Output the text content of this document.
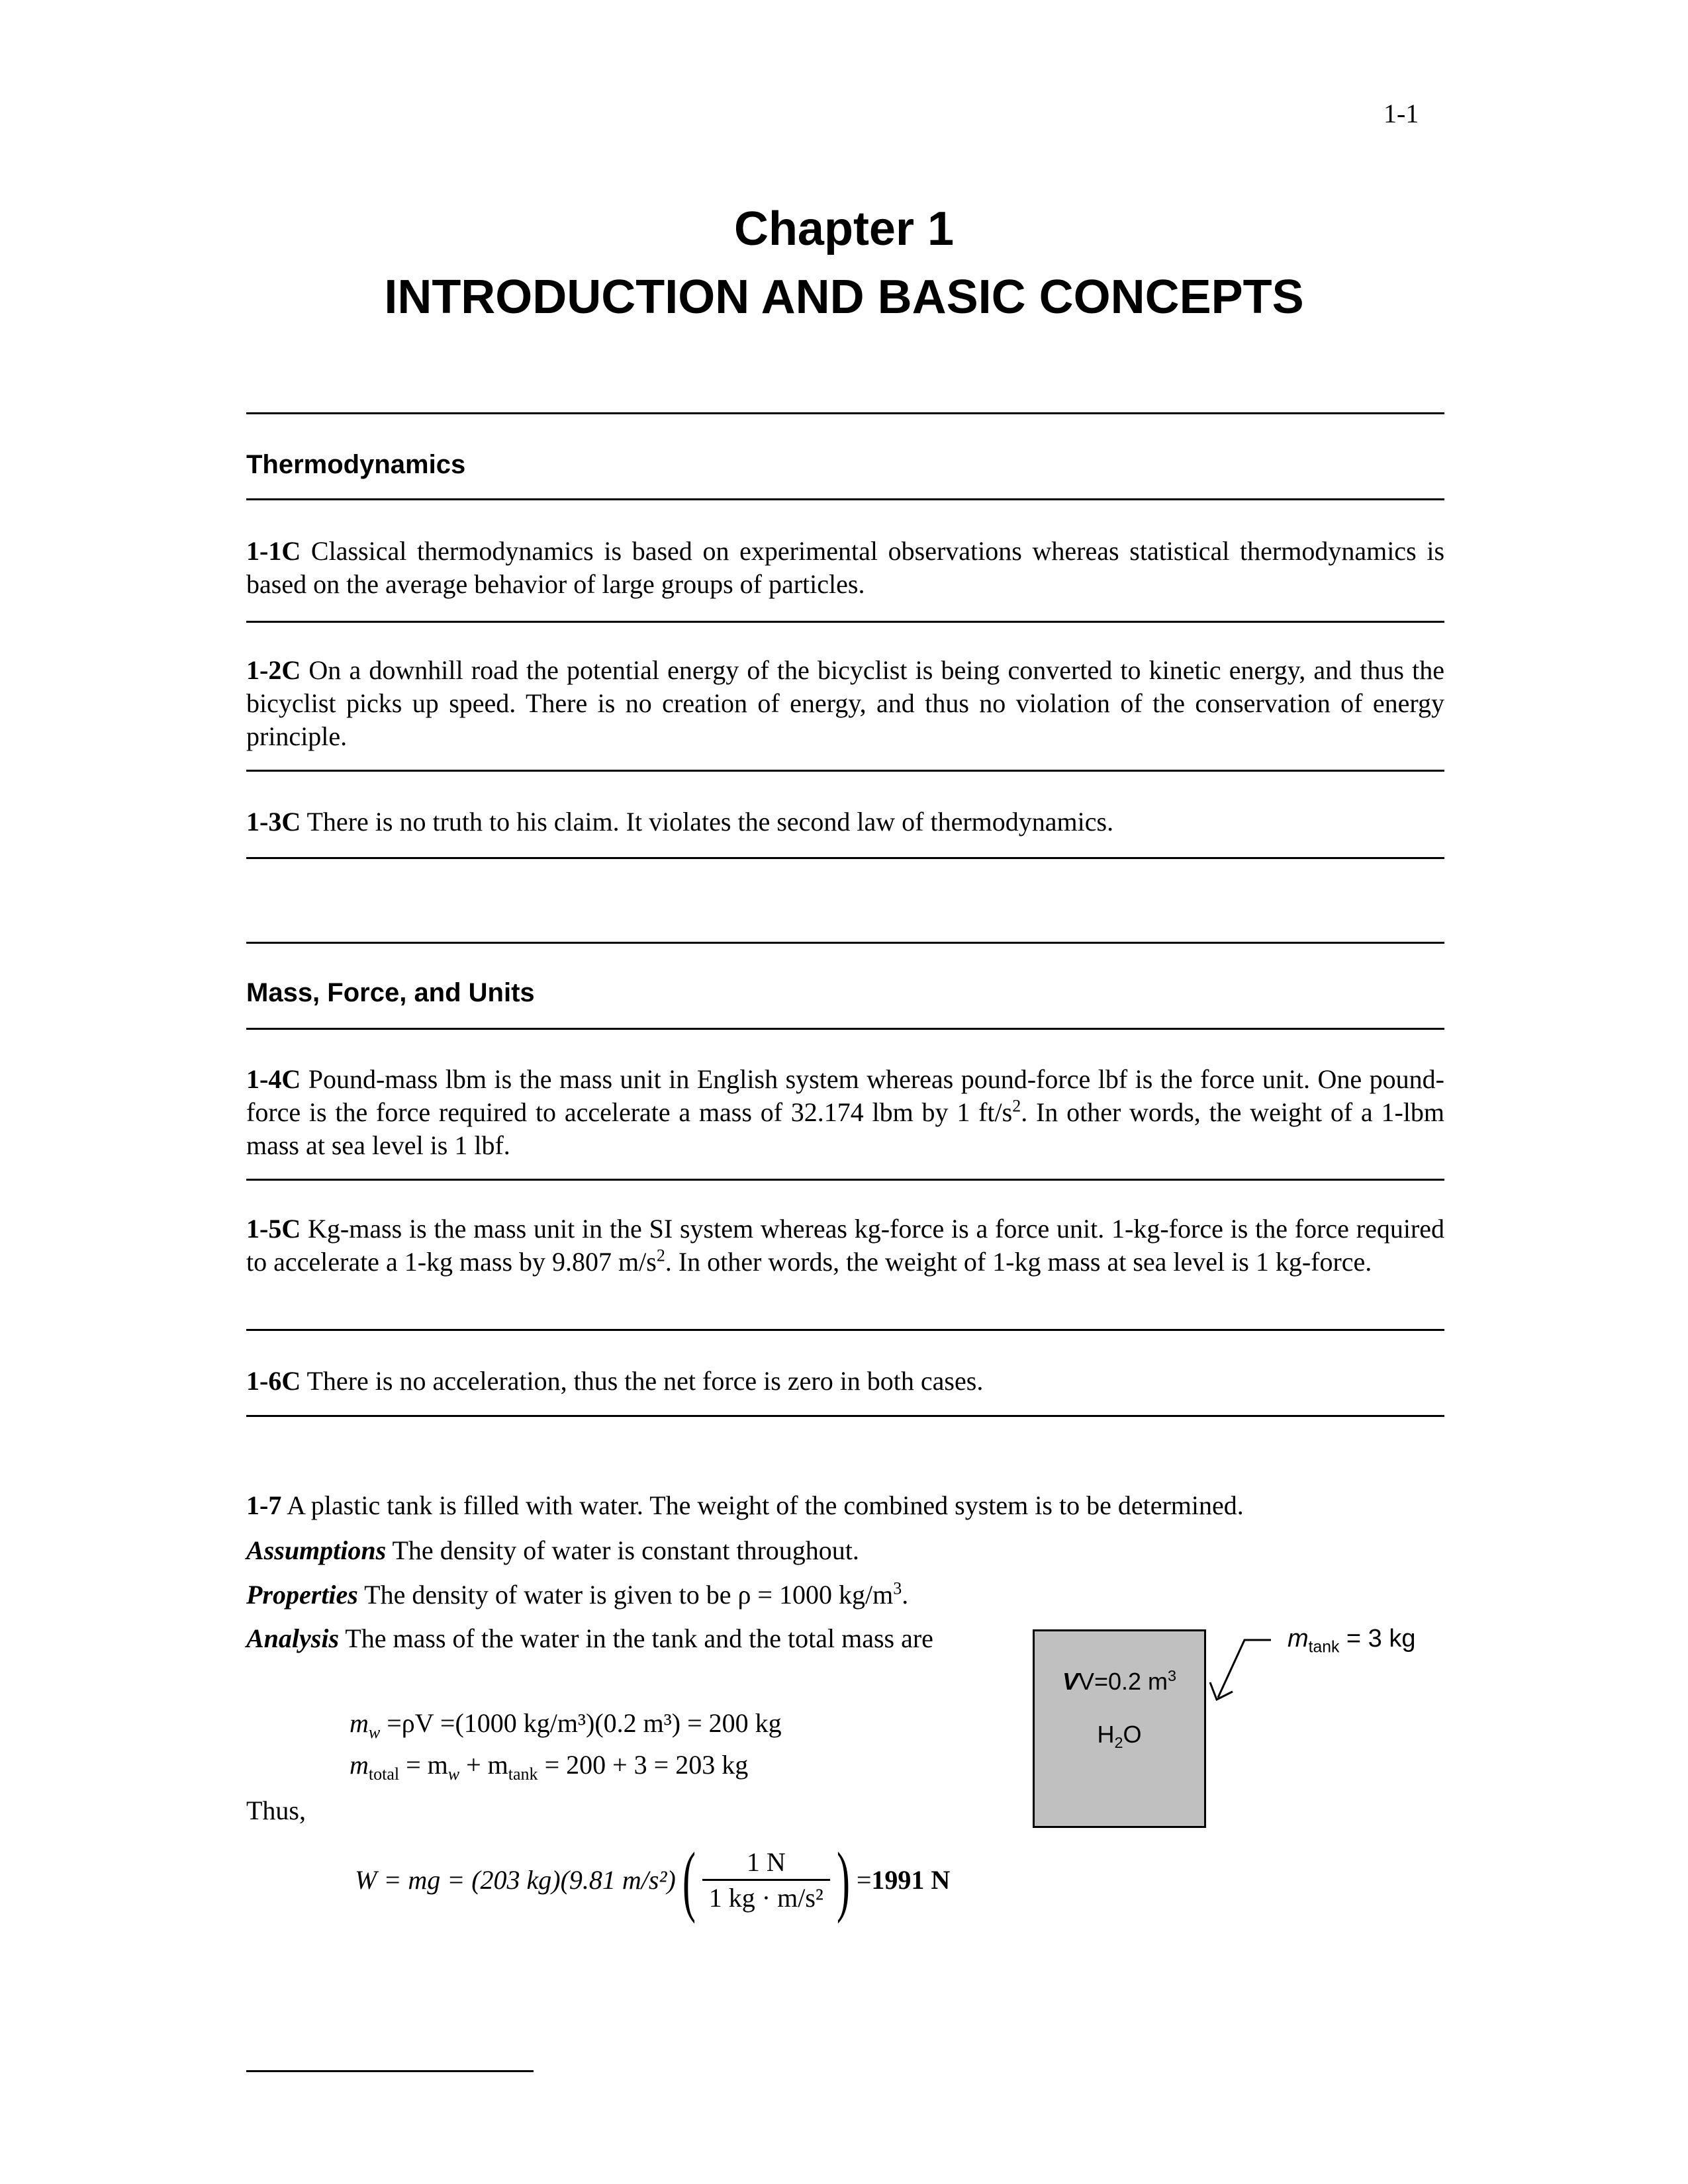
1-1
Chapter 1
INTRODUCTION AND BASIC CONCEPTS
Thermodynamics
1-1C Classical thermodynamics is based on experimental observations whereas statistical thermodynamics is based on the average behavior of large groups of particles.
1-2C On a downhill road the potential energy of the bicyclist is being converted to kinetic energy, and thus the bicyclist picks up speed. There is no creation of energy, and thus no violation of the conservation of energy principle.
1-3C There is no truth to his claim. It violates the second law of thermodynamics.
Mass, Force, and Units
1-4C Pound-mass lbm is the mass unit in English system whereas pound-force lbf is the force unit. One pound-force is the force required to accelerate a mass of 32.174 lbm by 1 $ft/s^2$. In other words, the weight of a 1-lbm mass at sea level is 1 lbf.
1-5C Kg-mass is the mass unit in the SI system whereas kg-force is a force unit. 1-kg-force is the force required to accelerate a 1-kg mass by 9.807 $m/s^2$. In other words, the weight of 1-kg mass at sea level is 1 kg-force.
1-6C There is no acceleration, thus the net force is zero in both cases.
1-7 A plastic tank is filled with water. The weight of the combined system is to be determined.
Assumptions The density of water is constant throughout.
Properties The density of water is given to be ρ = 1000 $kg/m^3$.
Analysis The mass of the water in the tank and the total mass are
$m_w =\rho V =(1000$ kg/m³)(0.2 m³) = 200 kg
$m_{total} = m_w + m_{tank} = 200 + 3 = 203$ kg
Thus,
W = mg = (203 kg)(9.81 $m/s^2)( \frac{1 N}{\text{1 kg · m/s²}}$ ) =1991 N
VV=0.2 $m^3$
$H_2O$
$m_{tank} = 3$ kg
